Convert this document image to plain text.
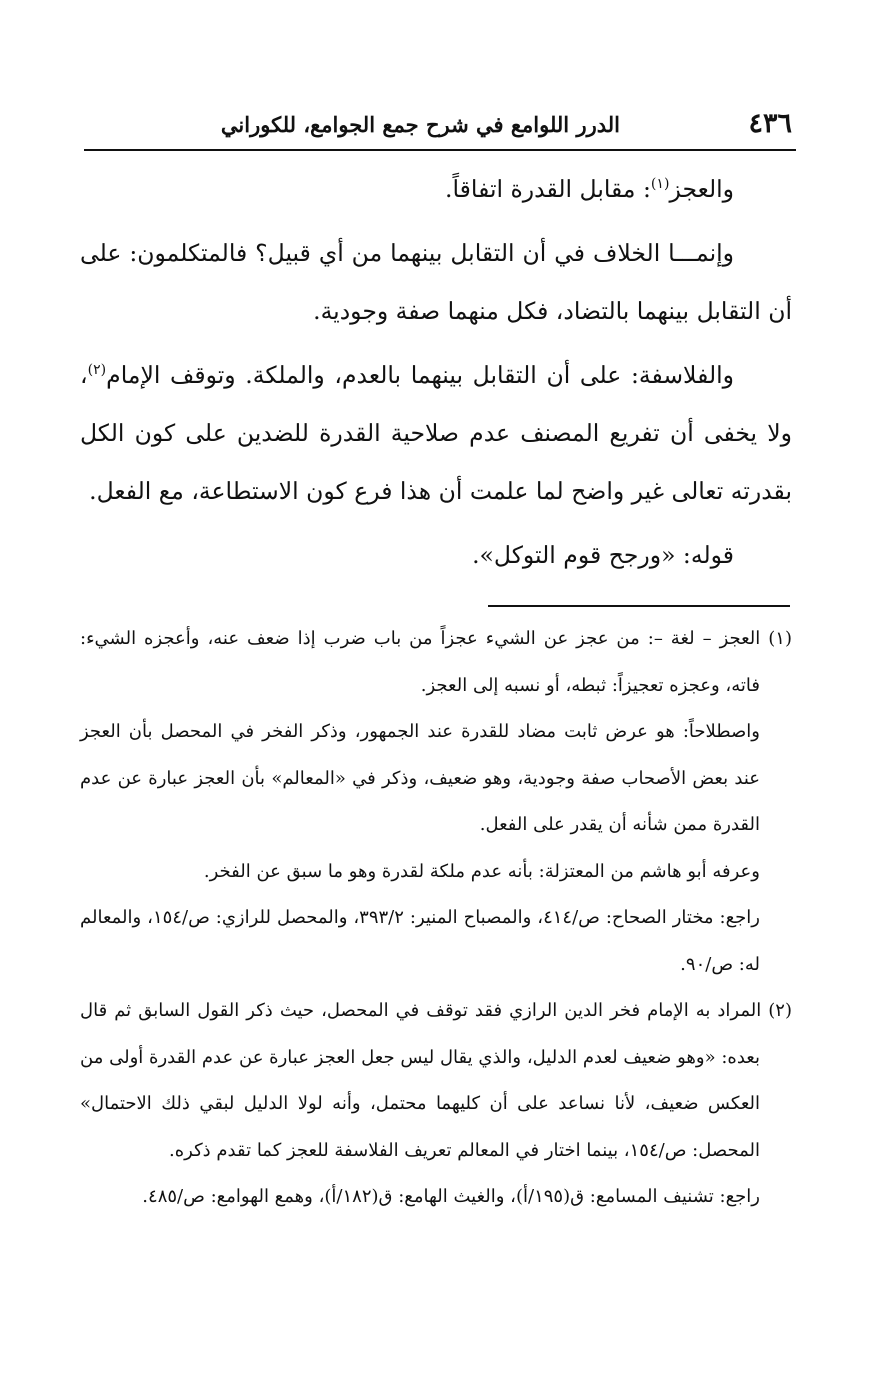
٤٣٦
الدرر اللوامع في شرح جمع الجوامع، للكوراني

والعجز$^{(١)}$: مقابل القدرة اتفاقاً.

وإنمـــا الخلاف في أن التقابل بينهما من أي قبيل؟ فالمتكلمون: على أن التقابل بينهما بالتضاد، فكل منهما صفة وجودية.

والفلاسفة: على أن التقابل بينهما بالعدم، والملكة. وتوقف الإمام$^{(٢)}$، ولا يخفى أن تفريع المصنف عدم صلاحية القدرة للضدين على كون الكل بقدرته تعالى غير واضح لما علمت أن هذا فرع كون الاستطاعة، مع الفعل.

قوله: «ورجح قوم التوكل».

(١) العجز – لغة –: من عجز عن الشيء عجزاً من باب ضرب إذا ضعف عنه، وأعجزه الشيء: فاته، وعجزه تعجيزاً: ثبطه، أو نسبه إلى العجز.

واصطلاحاً: هو عرض ثابت مضاد للقدرة عند الجمهور، وذكر الفخر في المحصل بأن العجز عند بعض الأصحاب صفة وجودية، وهو ضعيف، وذكر في «المعالم» بأن العجز عبارة عن عدم القدرة ممن شأنه أن يقدر على الفعل.

وعرفه أبو هاشم من المعتزلة: بأنه عدم ملكة لقدرة وهو ما سبق عن الفخر.

راجع: مختار الصحاح: ص/٤١٤، والمصباح المنير: ٣٩٣/٢، والمحصل للرازي: ص/١٥٤، والمعالم له: ص/٩٠.

(٢) المراد به الإمام فخر الدين الرازي فقد توقف في المحصل، حيث ذكر القول السابق ثم قال بعده: «وهو ضعيف لعدم الدليل، والذي يقال ليس جعل العجز عبارة عن عدم القدرة أولى من العكس ضعيف، لأنا نساعد على أن كليهما محتمل، وأنه لولا الدليل لبقي ذلك الاحتمال» المحصل: ص/١٥٤، بينما اختار في المعالم تعريف الفلاسفة للعجز كما تقدم ذكره.

راجع: تشنيف المسامع: ق(١٩٥/أ)، والغيث الهامع: ق(١٨٢/أ)، وهمع الهوامع: ص/٤٨٥.
